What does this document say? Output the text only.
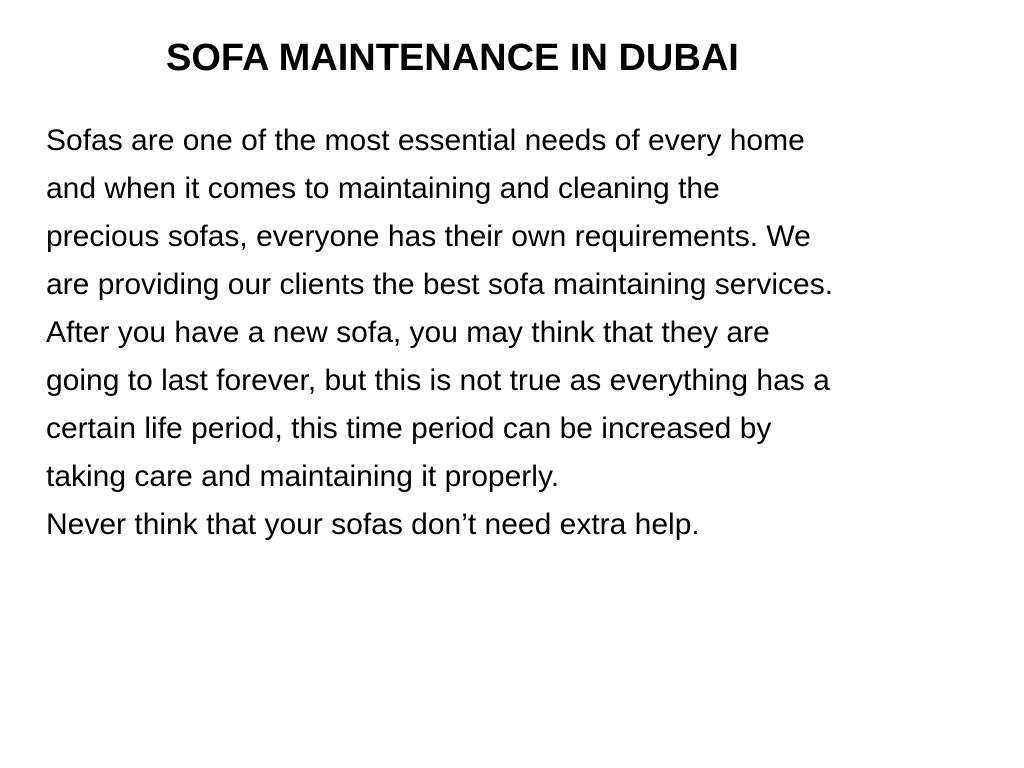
SOFA MAINTENANCE IN DUBAI
Sofas are one of the most essential needs of every home
and when it comes to maintaining and cleaning the
precious sofas, everyone has their own requirements. We
are providing our clients the best sofa maintaining services.
After you have a new sofa, you may think that they are
going to last forever, but this is not true as everything has a
certain life period, this time period can be increased by
taking care and maintaining it properly.
Never think that your sofas don’t need extra help.
